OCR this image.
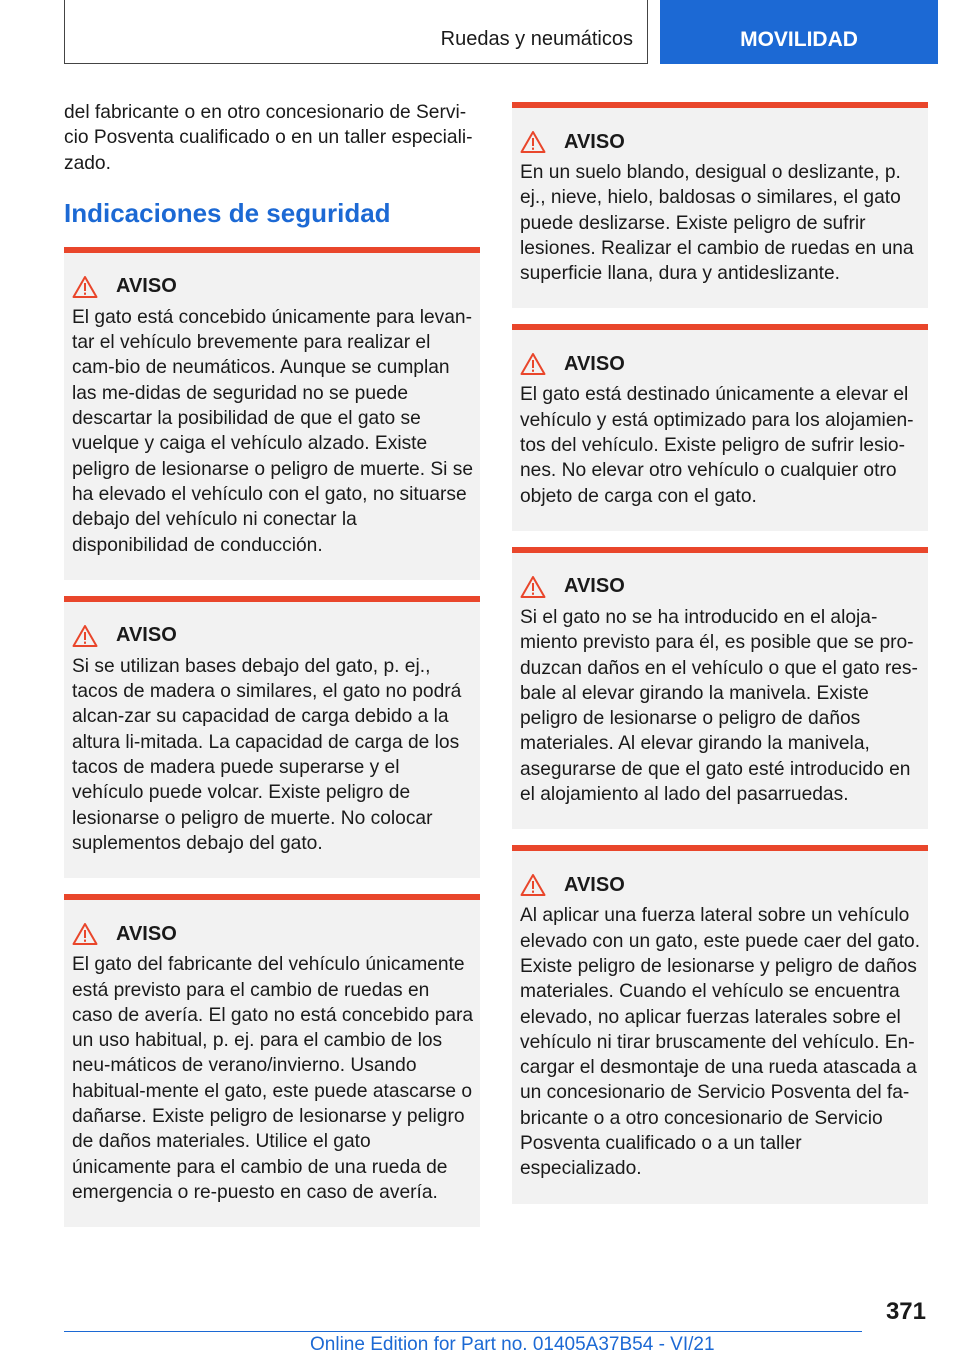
Ruedas y neumáticos	MOVILIDAD

del fabricante o en otro concesionario de Servi-cio Posventa cualificado o en un taller especiali-zado.

Indicaciones de seguridad
AVISO

El gato está concebido únicamente para levan-tar el vehículo brevemente para realizar el cam-bio de neumáticos. Aunque se cumplan las me-didas de seguridad no se puede descartar la posibilidad de que el gato se vuelque y caiga el vehículo alzado. Existe peligro de lesionarse o peligro de muerte. Si se ha elevado el vehículo con el gato, no situarse debajo del vehículo ni conectar la disponibilidad de conducción.

AVISO

Si se utilizan bases debajo del gato, p. ej., tacos de madera o similares, el gato no podrá alcan-zar su capacidad de carga debido a la altura li-mitada. La capacidad de carga de los tacos de madera puede superarse y el vehículo puede volcar. Existe peligro de lesionarse o peligro de muerte. No colocar suplementos debajo del gato.

AVISO

El gato del fabricante del vehículo únicamente está previsto para el cambio de ruedas en caso de avería. El gato no está concebido para un uso habitual, p. ej. para el cambio de los neu-máticos de verano/invierno. Usando habitual-mente el gato, este puede atascarse o dañarse. Existe peligro de lesionarse y peligro de daños materiales. Utilice el gato únicamente para el cambio de una rueda de emergencia o re-puesto en caso de avería.

AVISO

En un suelo blando, desigual o deslizante, p. ej., nieve, hielo, baldosas o similares, el gato puede deslizarse. Existe peligro de sufrir lesiones. Realizar el cambio de ruedas en una superficie llana, dura y antideslizante.

AVISO

El gato está destinado únicamente a elevar el vehículo y está optimizado para los alojamien-tos del vehículo. Existe peligro de sufrir lesio-nes. No elevar otro vehículo o cualquier otro objeto de carga con el gato.

AVISO

Si el gato no se ha introducido en el aloja-miento previsto para él, es posible que se pro-duzcan daños en el vehículo o que el gato res-bale al elevar girando la manivela. Existe peligro de lesionarse o peligro de daños materiales. Al elevar girando la manivela, asegurarse de que el gato esté introducido en el alojamiento al lado del pasarruedas.

AVISO

Al aplicar una fuerza lateral sobre un vehículo elevado con un gato, este puede caer del gato. Existe peligro de lesionarse y peligro de daños materiales. Cuando el vehículo se encuentra elevado, no aplicar fuerzas laterales sobre el vehículo ni tirar bruscamente del vehículo. En-cargar el desmontaje de una rueda atascada a un concesionario de Servicio Posventa del fa-bricante o a otro concesionario de Servicio Posventa cualificado o a un taller especializado.

371
Online Edition for Part no. 01405A37B54 - VI/21
